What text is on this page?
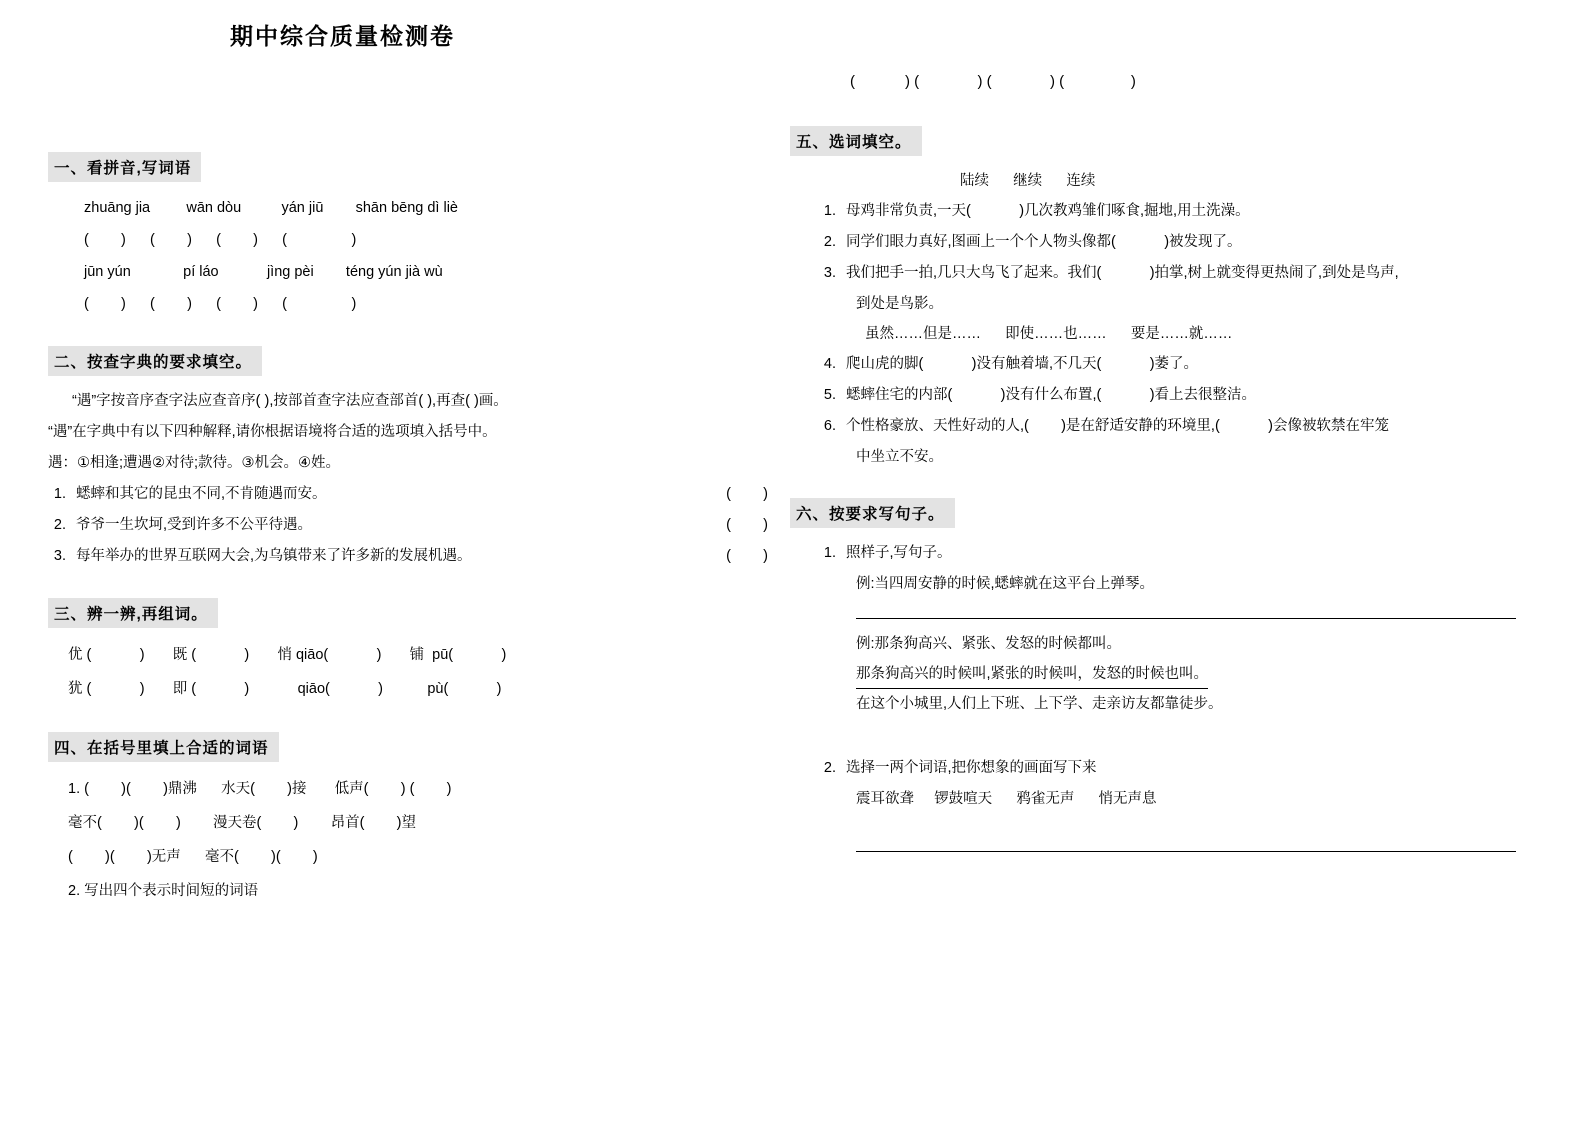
期中综合质量检测卷
(            ) (              ) (              ) (                )
一、看拼音,写词语
zhuāng jia         wān dòu          yán jiū        shān bēng dì liè
(        )      (        )      (        )      (                )
jūn yún             pí láo            jìng pèi        téng yún jià wù
(        )      (        )      (        )      (                )
二、按查字典的要求填空。
“遇”字按音序查字法应查音序( ),按部首查字法应查部首( ),再查( )画。
“遇”在字典中有以下四种解释,请你根据语境将合适的选项填入括号中。
遇：①相逢;遭遇②对待;款待。③机会。④姓。
1. 蟋蟀和其它的昆虫不同,不肯随遇而安。	(        )
2. 爷爷一生坎坷,受到许多不公平待遇。	(        )
3. 每年举办的世界互联网大会,为乌镇带来了许多新的发展机遇。	(        )
三、辨一辨,再组词。
优 (            )       既 (            )       悄 qiāo(            )       铺  pū(            )
犹 (            )       即 (            )            qiāo(            )           pù(            )
四、在括号里填上合适的词语
1. (        )(        )鼎沸      水天(        )接       低声(        ) (        )
毫不(        )(        )        漫天卷(        )        昂首(        )望
(        )(        )无声      毫不(        )(        )
2. 写出四个表示时间短的词语
五、选词填空。
陆续      继续      连续
1. 母鸡非常负责,一天(            )几次教鸡雏们啄食,掘地,用土洗澡。
2. 同学们眼力真好,图画上一个个人物头像都(            )被发现了。
3. 我们把手一拍,几只大鸟飞了起来。我们(            )拍掌,树上就变得更热闹了,到处是鸟声,
到处是鸟影。
虽然……但是……      即使……也……      要是……就……
4. 爬山虎的脚(            )没有触着墙,不几天(            )萎了。
5. 蟋蟀住宅的内部(            )没有什么布置,(            )看上去很整洁。
6. 个性格豪放、天性好动的人,(        )是在舒适安静的环境里,(            )会像被软禁在牢笼
中坐立不安。
六、按要求写句子。
1. 照样子,写句子。
例:当四周安静的时候,蟋蟀就在这平台上弹琴。
例:那条狗高兴、紧张、发怒的时候都叫。
那条狗高兴的时候叫,紧张的时候叫，发怒的时候也叫。
在这个小城里,人们上下班、上下学、走亲访友都靠徒步。
2. 选择一两个词语,把你想象的画面写下来
震耳欲聋     锣鼓喧天      鸦雀无声      悄无声息
